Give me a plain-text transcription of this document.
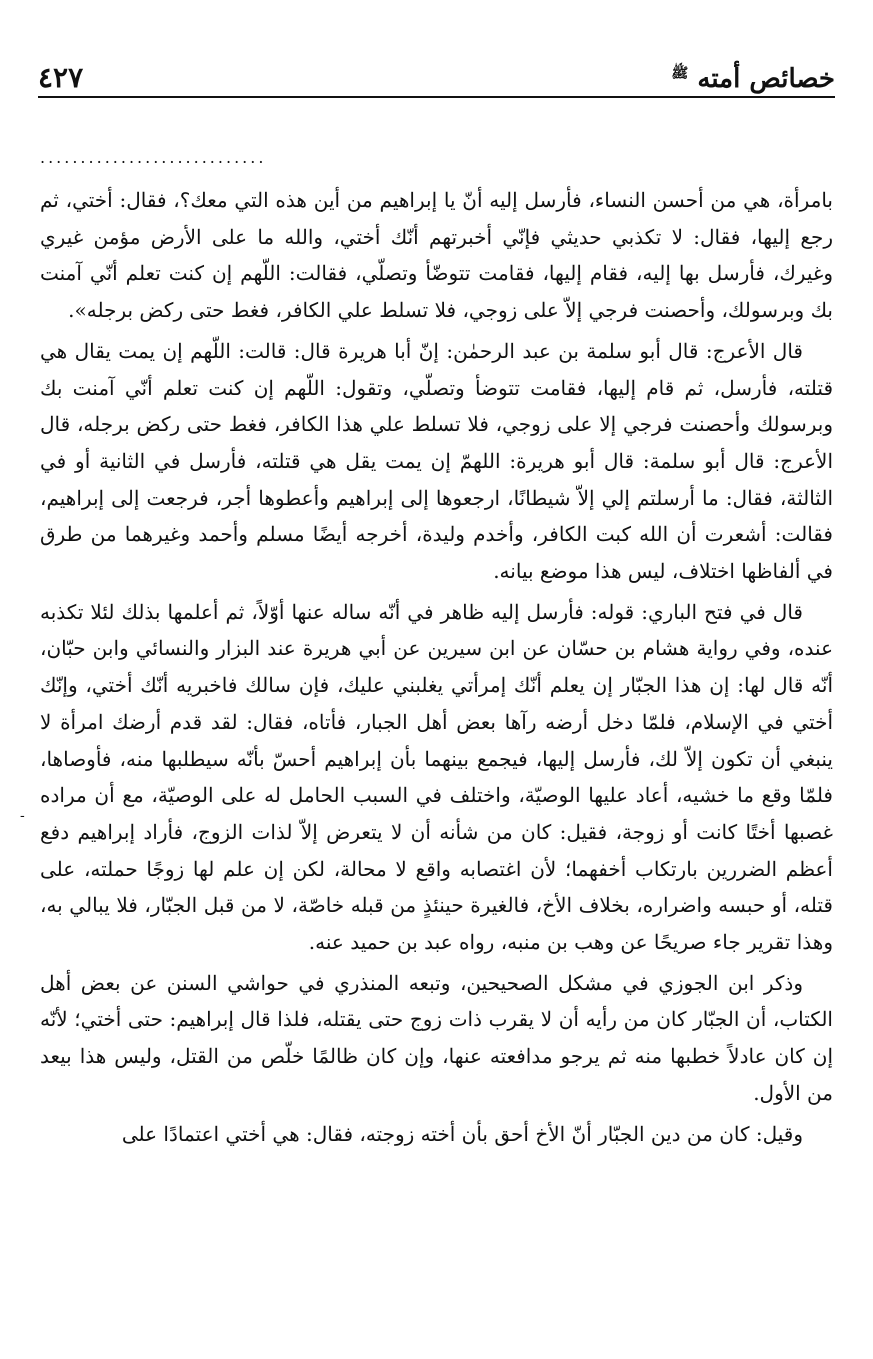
خصائص أمته $^ﷺ$
٤٢٧
............................

بامرأة، هي من أحسن النساء، فأرسل إليه أنّ يا إبراهيم من أين هذه التي معك؟، فقال: أختي، ثم رجع إليها، فقال: لا تكذبي حديثي فإنّي أخبرتهم أنّك أختي، والله ما على الأرض مؤمن غيري وغيرك، فأرسل بها إليه، فقام إليها، فقامت تتوضّأ وتصلّي، فقالت: اللّهم إن كنت تعلم أنّي آمنت بك وبرسولك، وأحصنت فرجي إلاّ على زوجي، فلا تسلط علي الكافر، فغط حتى ركض برجله».

قال الأعرج: قال أبو سلمة بن عبد الرحمٰن: إنّ أبا هريرة قال: قالت: اللّهم إن يمت يقال هي قتلته، فأرسل، ثم قام إليها، فقامت تتوضأ وتصلّي، وتقول: اللّهم إن كنت تعلم أنّي آمنت بك وبرسولك وأحصنت فرجي إلا على زوجي، فلا تسلط علي هذا الكافر، فغط حتى ركض برجله، قال الأعرج: قال أبو سلمة: قال أبو هريرة: اللهمّ إن يمت يقل هي قتلته، فأرسل في الثانية أو في الثالثة، فقال: ما أرسلتم إلي إلاّ شيطانًا، ارجعوها إلى إبراهيم وأعطوها أجر، فرجعت إلى إبراهيم، فقالت: أشعرت أن الله كبت الكافر، وأخدم وليدة، أخرجه أيضًا مسلم وأحمد وغيرهما من طرق في ألفاظها اختلاف، ليس هذا موضع بيانه.

قال في فتح الباري: قوله: فأرسل إليه ظاهر في أنّه ساله عنها أوّلاً، ثم أعلمها بذلك لئلا تكذبه عنده، وفي رواية هشام بن حسّان عن ابن سيرين عن أبي هريرة عند البزار والنسائي وابن حبّان، أنّه قال لها: إن هذا الجبّار إن يعلم أنّك إمرأتي يغلبني عليك، فإن سالك فاخبريه أنّك أختي، وإنّك أختي في الإسلام، فلمّا دخل أرضه رآها بعض أهل الجبار، فأتاه، فقال: لقد قدم أرضك امرأة لا ينبغي أن تكون إلاّ لك، فأرسل إليها، فيجمع بينهما بأن إبراهيم أحسّ بأنّه سيطلبها منه، فأوصاها، فلمّا وقع ما خشيه، أعاد عليها الوصيّة، واختلف في السبب الحامل له على الوصيّة، مع أن مراده غصبها أختًا كانت أو زوجة، فقيل: كان من شأنه أن لا يتعرض إلاّ لذات الزوج، فأراد إبراهيم دفع أعظم الضررين بارتكاب أخفهما؛ لأن اغتصابه واقع لا محالة، لكن إن علم لها زوجًا حملته، على قتله، أو حبسه واضراره، بخلاف الأخ، فالغيرة حينئذٍ من قبله خاصّة، لا من قبل الجبّار، فلا يبالي به، وهذا تقرير جاء صريحًا عن وهب بن منبه، رواه عبد بن حميد عنه.

وذكر ابن الجوزي في مشكل الصحيحين، وتبعه المنذري في حواشي السنن عن بعض أهل الكتاب، أن الجبّار كان من رأيه أن لا يقرب ذات زوج حتى يقتله، فلذا قال إبراهيم: حتى أختي؛ لأنّه إن كان عادلاً خطبها منه ثم يرجو مدافعته عنها، وإن كان ظالمًا خلّص من القتل، وليس هذا بيعد من الأول.

وقيل: كان من دين الجبّار أنّ الأخ أحق بأن أخته زوجته، فقال: هي أختي اعتمادًا على

-
